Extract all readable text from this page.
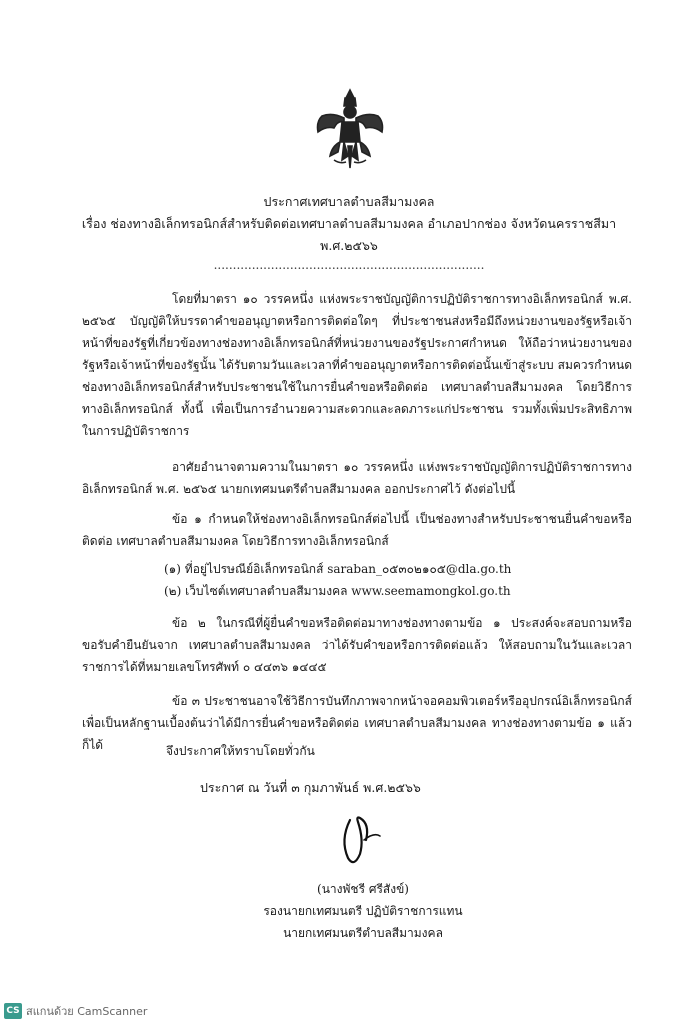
ประกาศเทศบาลตำบลสีมามงคล
เรื่อง ช่องทางอิเล็กทรอนิกส์สำหรับติดต่อเทศบาลตำบลสีมามงคล อำเภอปากช่อง จังหวัดนครราชสีมา
พ.ศ.๒๕๖๖
.......................................................................
โดยที่มาตรา ๑๐ วรรคหนึ่ง แห่งพระราชบัญญัติการปฏิบัติราชการทางอิเล็กทรอนิกส์ พ.ศ. ๒๕๖๕ บัญญัติให้บรรดาคำขออนุญาตหรือการติดต่อใดๆ ที่ประชาชนส่งหรือมีถึงหน่วยงานของรัฐหรือเจ้าหน้าที่ของรัฐที่เกี่ยวข้องทางช่องทางอิเล็กทรอนิกส์ที่หน่วยงานของรัฐประกาศกำหนด ให้ถือว่าหน่วยงานของรัฐหรือเจ้าหน้าที่ของรัฐนั้น ได้รับตามวันและเวลาที่คำขออนุญาตหรือการติดต่อนั้นเข้าสู่ระบบ สมควรกำหนดช่องทางอิเล็กทรอนิกส์สำหรับประชาชนใช้ในการยื่นคำขอหรือติดต่อ เทศบาลตำบลสีมามงคล โดยวิธีการทางอิเล็กทรอนิกส์ ทั้งนี้ เพื่อเป็นการอำนวยความสะดวกและลดภาระแก่ประชาชน รวมทั้งเพิ่มประสิทธิภาพในการปฏิบัติราชการ
อาศัยอำนาจตามความในมาตรา ๑๐ วรรคหนึ่ง แห่งพระราชบัญญัติการปฏิบัติราชการทางอิเล็กทรอนิกส์ พ.ศ. ๒๕๖๕ นายกเทศมนตรีตำบลสีมามงคล ออกประกาศไว้ ดังต่อไปนี้
ข้อ ๑ กำหนดให้ช่องทางอิเล็กทรอนิกส์ต่อไปนี้ เป็นช่องทางสำหรับประชาชนยื่นคำขอหรือติดต่อ เทศบาลตำบลสีมามงคล โดยวิธีการทางอิเล็กทรอนิกส์
(๑) ที่อยู่ไปรษณีย์อิเล็กทรอนิกส์ saraban_๐๕๓๐๒๑๐๕@dla.go.th
(๒) เว็บไซต์เทศบาลตำบลสีมามงคล www.seemamongkol.go.th
ข้อ ๒ ในกรณีที่ผู้ยื่นคำขอหรือติดต่อมาทางช่องทางตามข้อ ๑ ประสงค์จะสอบถามหรือขอรับคำยืนยันจาก เทศบาลตำบลสีมามงคล ว่าได้รับคำขอหรือการติดต่อแล้ว ให้สอบถามในวันและเวลาราชการได้ที่หมายเลขโทรศัพท์ ๐ ๔๔๓๖ ๑๔๔๕
ข้อ ๓ ประชาชนอาจใช้วิธีการบันทึกภาพจากหน้าจอคอมพิวเตอร์หรืออุปกรณ์อิเล็กทรอนิกส์เพื่อเป็นหลักฐานเบื้องต้นว่าได้มีการยื่นคำขอหรือติดต่อ เทศบาลตำบลสีมามงคล ทางช่องทางตามข้อ ๑ แล้ว ก็ได้	จึงประกาศให้ทราบโดยทั่วกัน
ประกาศ ณ วันที่ ๓ กุมภาพันธ์ พ.ศ.๒๕๖๖
(นางพัชรี ศรีสังข์)
รองนายกเทศมนตรี ปฏิบัติราชการแทน
นายกเทศมนตรีตำบลสีมามงคล
CS สแกนด้วย CamScanner
